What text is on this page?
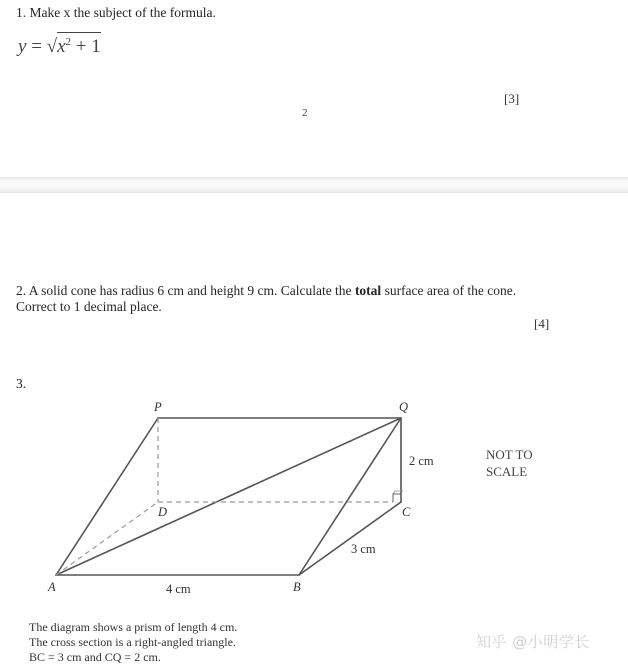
1. Make x the subject of the formula.
$y = √x^2 + 1$
[3]
2
2. A solid cone has radius 6 cm and height 9 cm. Calculate the total surface area of the cone.
Correct to 1 decimal place.
[4]
3.
P	Q
D	C
A	B
2 cm
3 cm
4 cm
NOT TO
SCALE
The diagram shows a prism of length 4 cm.
The cross section is a right-angled triangle.
BC = 3 cm and CQ = 2 cm.
知乎 @小明学长
